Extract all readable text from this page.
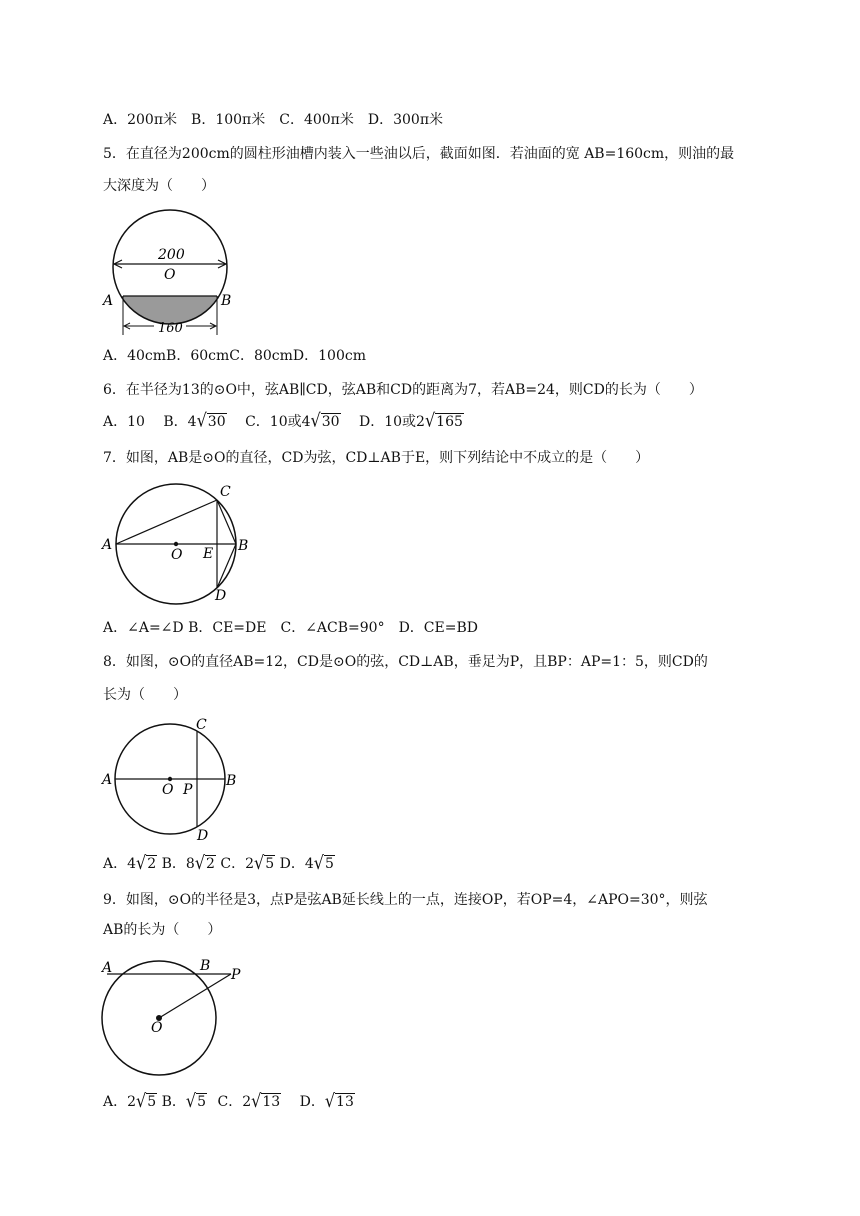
A．200π米　B．100π米　C．400π米　D．300π米
5．在直径为200cm的圆柱形油槽内装入一些油以后，截面如图．若油面的宽 AB=160cm，则油的最
大深度为（　　）
200
O
A	B
160
A．40cmB．60cmC．80cmD．100cm
6．在半径为13的⊙O中，弦AB∥CD，弦AB和CD的距离为7，若AB=24，则CD的长为（　　）
A．10 B．4 √ 30 C．10或4 √ 30 D．10或2 √ 165
7．如图，AB是⊙O的直径，CD为弦，CD⊥AB于E，则下列结论中不成立的是（　　）
A	B
C
D
E
O
A．∠A=∠D B．CE=DE　C．∠ACB=90°　D．CE=BD
8．如图，⊙O的直径AB=12，CD是⊙O的弦，CD⊥AB，垂足为P，且BP：AP=1：5，则CD的
长为（　　）
A	B
C
D
O P
A．4 √ 2 B．8 √ 2 C．2 √ 5 D．4 √ 5
9．如图，⊙O的半径是3，点P是弦AB延长线上的一点，连接OP，若OP=4，∠APO=30°，则弦
AB的长为（　　）
A	B
P
O
A．2 √ 5 B． √ 5 C．2 √ 13 D． √ 13
